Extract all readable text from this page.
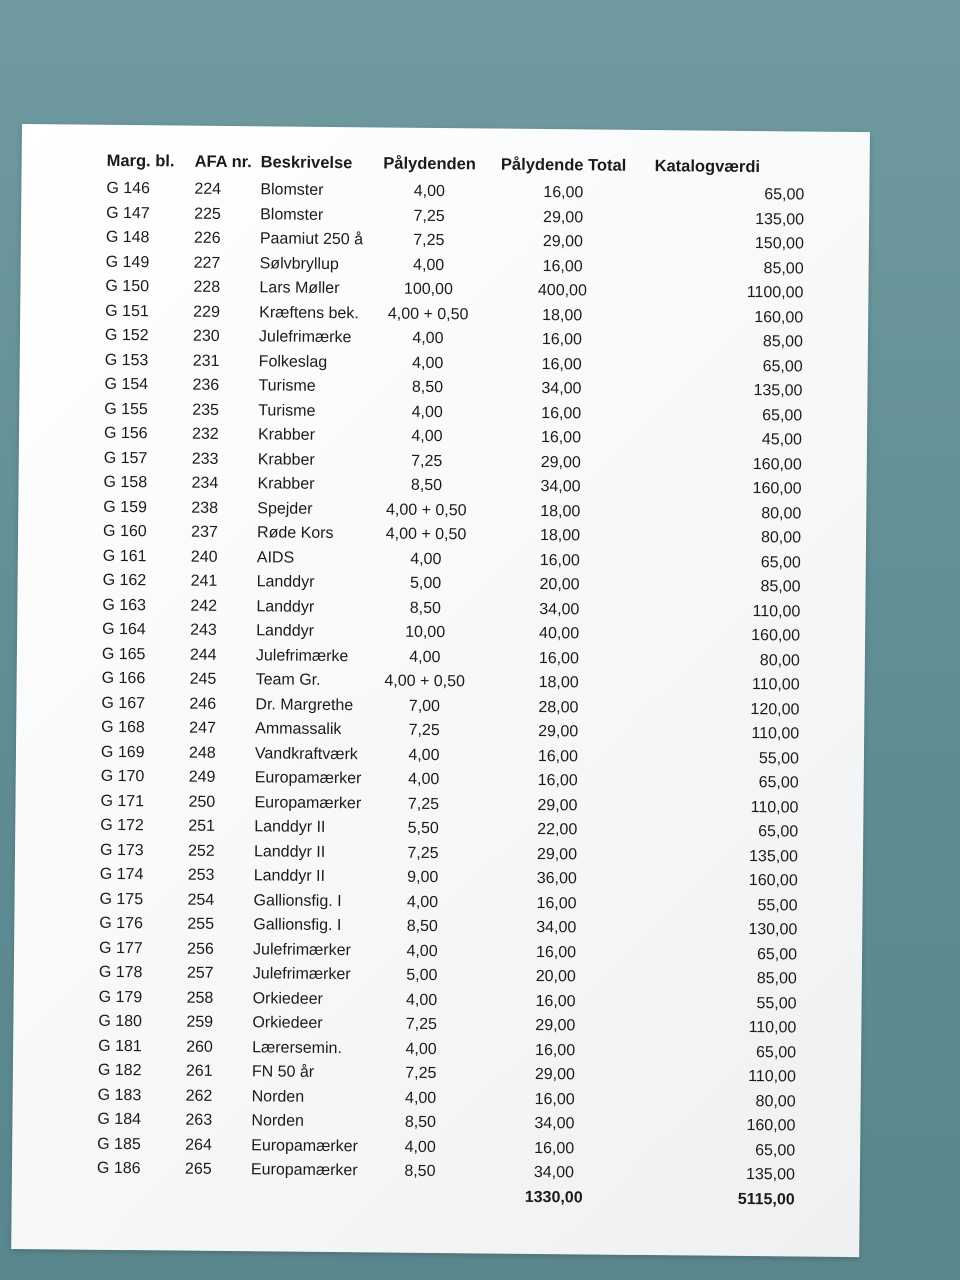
Marg. bl.	AFA nr.	Beskrivelse	Pålydenden	Pålydende Total	Katalogværdi
G 146	224	Blomster	4,00	16,00	65,00
G 147	225	Blomster	7,25	29,00	135,00
G 148	226	Paamiut 250 å	7,25	29,00	150,00
G 149	227	Sølvbryllup	4,00	16,00	85,00
G 150	228	Lars Møller	100,00	400,00	1100,00
G 151	229	Kræftens bek.	4,00 + 0,50	18,00	160,00
G 152	230	Julefrimærke	4,00	16,00	85,00
G 153	231	Folkeslag	4,00	16,00	65,00
G 154	236	Turisme	8,50	34,00	135,00
G 155	235	Turisme	4,00	16,00	65,00
G 156	232	Krabber	4,00	16,00	45,00
G 157	233	Krabber	7,25	29,00	160,00
G 158	234	Krabber	8,50	34,00	160,00
G 159	238	Spejder	4,00 + 0,50	18,00	80,00
G 160	237	Røde Kors	4,00 + 0,50	18,00	80,00
G 161	240	AIDS	4,00	16,00	65,00
G 162	241	Landdyr	5,00	20,00	85,00
G 163	242	Landdyr	8,50	34,00	110,00
G 164	243	Landdyr	10,00	40,00	160,00
G 165	244	Julefrimærke	4,00	16,00	80,00
G 166	245	Team Gr.	4,00 + 0,50	18,00	110,00
G 167	246	Dr. Margrethe	7,00	28,00	120,00
G 168	247	Ammassalik	7,25	29,00	110,00
G 169	248	Vandkraftværk	4,00	16,00	55,00
G 170	249	Europamærker	4,00	16,00	65,00
G 171	250	Europamærker	7,25	29,00	110,00
G 172	251	Landdyr II	5,50	22,00	65,00
G 173	252	Landdyr II	7,25	29,00	135,00
G 174	253	Landdyr II	9,00	36,00	160,00
G 175	254	Gallionsfig. I	4,00	16,00	55,00
G 176	255	Gallionsfig. I	8,50	34,00	130,00
G 177	256	Julefrimærker	4,00	16,00	65,00
G 178	257	Julefrimærker	5,00	20,00	85,00
G 179	258	Orkiedeer	4,00	16,00	55,00
G 180	259	Orkiedeer	7,25	29,00	110,00
G 181	260	Lærersemin.	4,00	16,00	65,00
G 182	261	FN 50 år	7,25	29,00	110,00
G 183	262	Norden	4,00	16,00	80,00
G 184	263	Norden	8,50	34,00	160,00
G 185	264	Europamærker	4,00	16,00	65,00
G 186	265	Europamærker	8,50	34,00	135,00
				1330,00	5115,00
